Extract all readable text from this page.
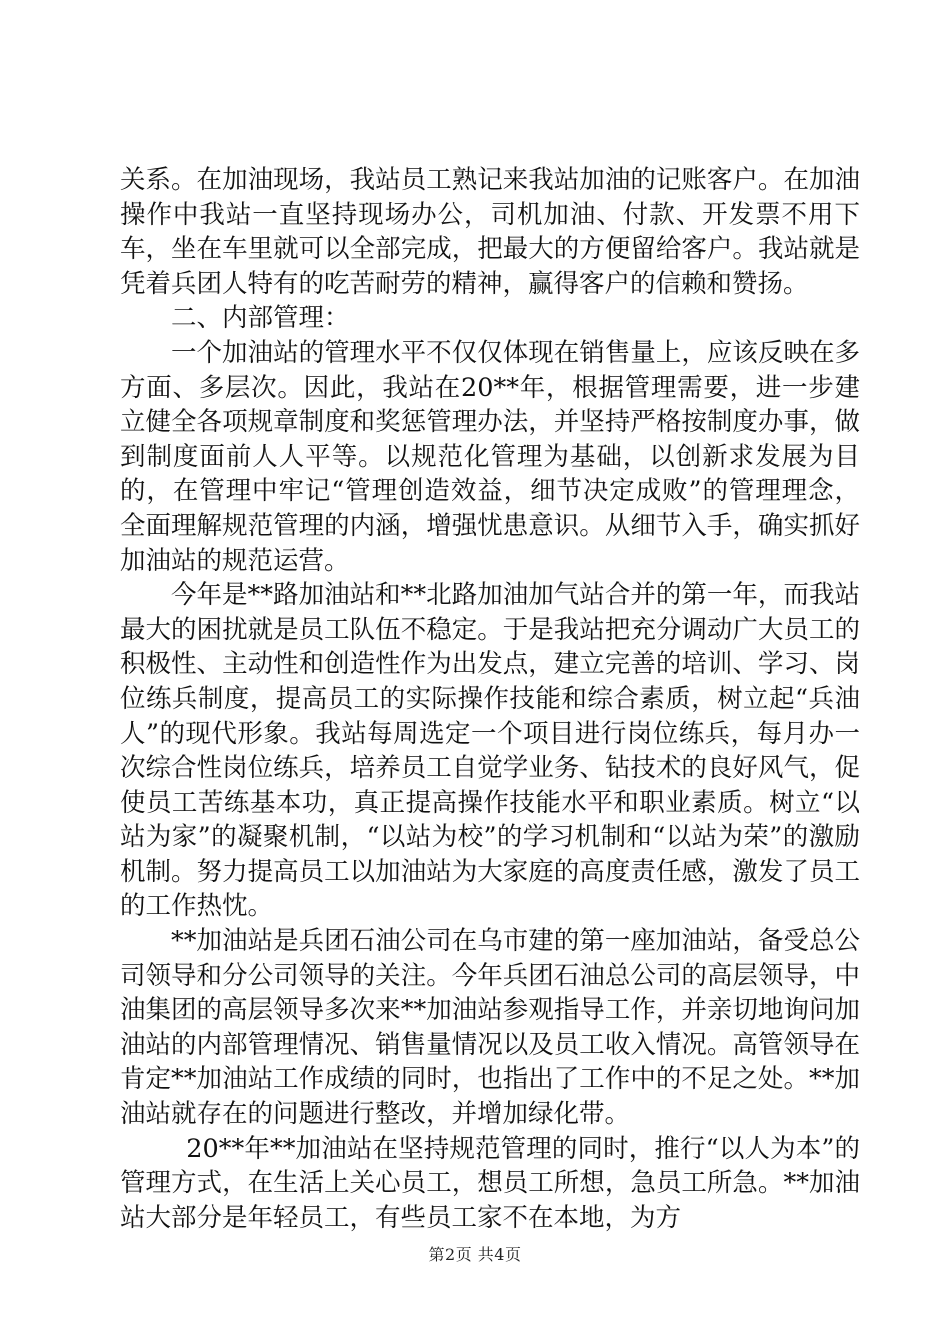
关系。在加油现场，我站员工熟记来我站加油的记账客户。在加油操作中我站一直坚持现场办公，司机加油、付款、开发票不用下车，坐在车里就可以全部完成，把最大的方便留给客户。我站就是凭着兵团人特有的吃苦耐劳的精神，赢得客户的信赖和赞扬。

二、内部管理：

一个加油站的管理水平不仅仅体现在销售量上，应该反映在多方面、多层次。因此，我站在20**年，根据管理需要，进一步建立健全各项规章制度和奖惩管理办法，并坚持严格按制度办事，做到制度面前人人平等。以规范化管理为基础，以创新求发展为目的，在管理中牢记“管理创造效益，细节决定成败”的管理理念，全面理解规范管理的内涵，增强忧患意识。从细节入手，确实抓好加油站的规范运营。

今年是**路加油站和**北路加油加气站合并的第一年，而我站最大的困扰就是员工队伍不稳定。于是我站把充分调动广大员工的积极性、主动性和创造性作为出发点，建立完善的培训、学习、岗位练兵制度，提高员工的实际操作技能和综合素质，树立起“兵油人”的现代形象。我站每周选定一个项目进行岗位练兵，每月办一次综合性岗位练兵，培养员工自觉学业务、钻技术的良好风气，促使员工苦练基本功，真正提高操作技能水平和职业素质。树立“以站为家”的凝聚机制，“以站为校”的学习机制和“以站为荣”的激励机制。努力提高员工以加油站为大家庭的高度责任感，激发了员工的工作热忱。

**加油站是兵团石油公司在乌市建的第一座加油站，备受总公司领导和分公司领导的关注。今年兵团石油总公司的高层领导，中油集团的高层领导多次来**加油站参观指导工作，并亲切地询问加油站的内部管理情况、销售量情况以及员工收入情况。高管领导在肯定**加油站工作成绩的同时，也指出了工作中的不足之处。**加油站就存在的问题进行整改，并增加绿化带。

20**年**加油站在坚持规范管理的同时，推行“以人为本”的管理方式，在生活上关心员工，想员工所想，急员工所急。**加油站大部分是年轻员工，有些员工家不在本地，为方

第2页 共4页
